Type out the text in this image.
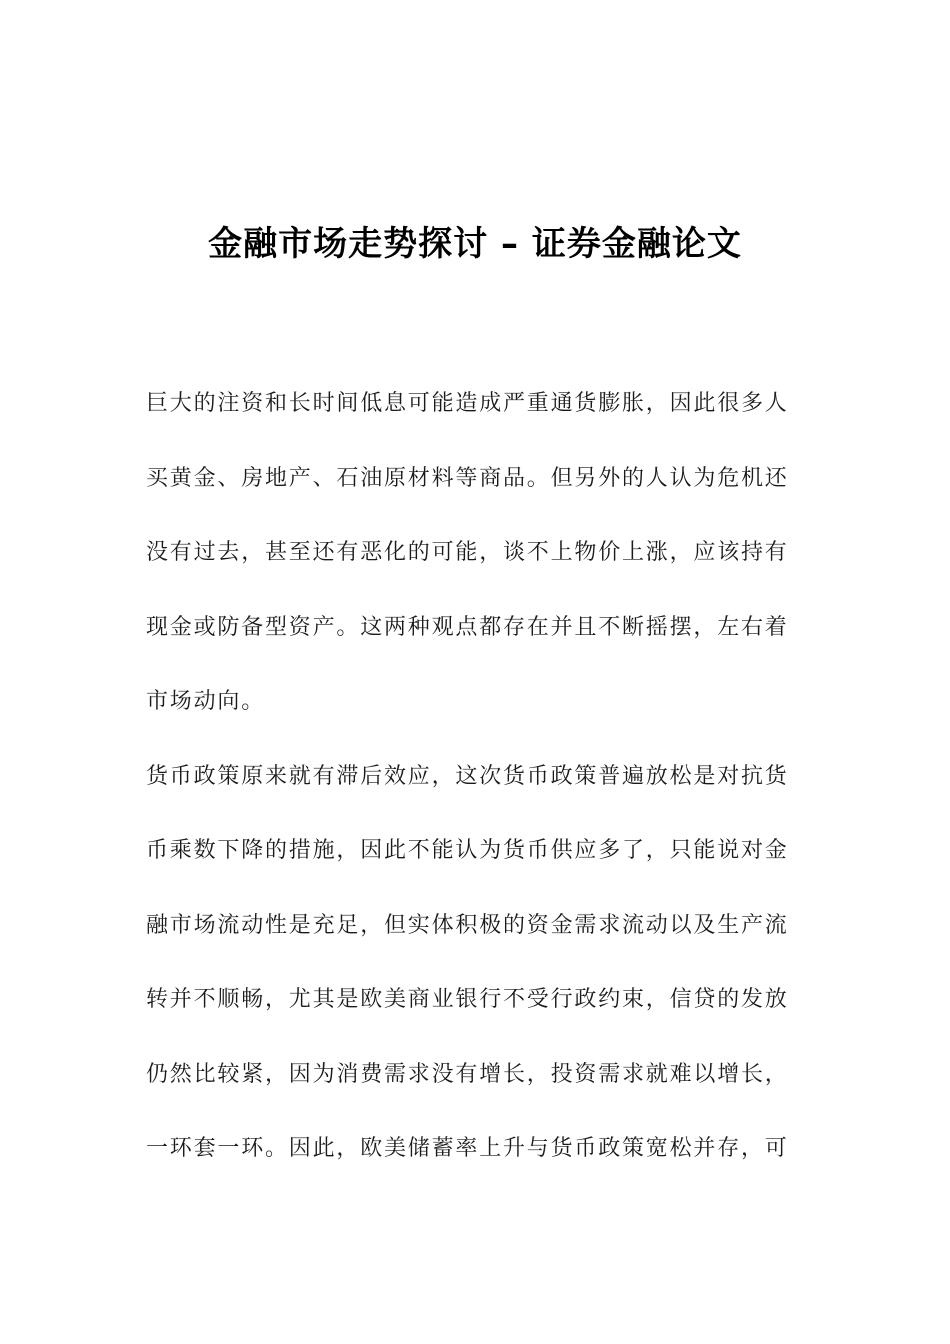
金融市场走势探讨 – 证券金融论文

巨大的注资和长时间低息可能造成严重通货膨胀，因此很多人
买黄金、房地产、石油原材料等商品。但另外的人认为危机还
没有过去，甚至还有恶化的可能，谈不上物价上涨，应该持有
现金或防备型资产。这两种观点都存在并且不断摇摆，左右着
市场动向。

货币政策原来就有滞后效应，这次货币政策普遍放松是对抗货
币乘数下降的措施，因此不能认为货币供应多了，只能说对金
融市场流动性是充足，但实体积极的资金需求流动以及生产流
转并不顺畅，尤其是欧美商业银行不受行政约束，信贷的发放
仍然比较紧，因为消费需求没有增长，投资需求就难以增长，
一环套一环。因此，欧美储蓄率上升与货币政策宽松并存，可
